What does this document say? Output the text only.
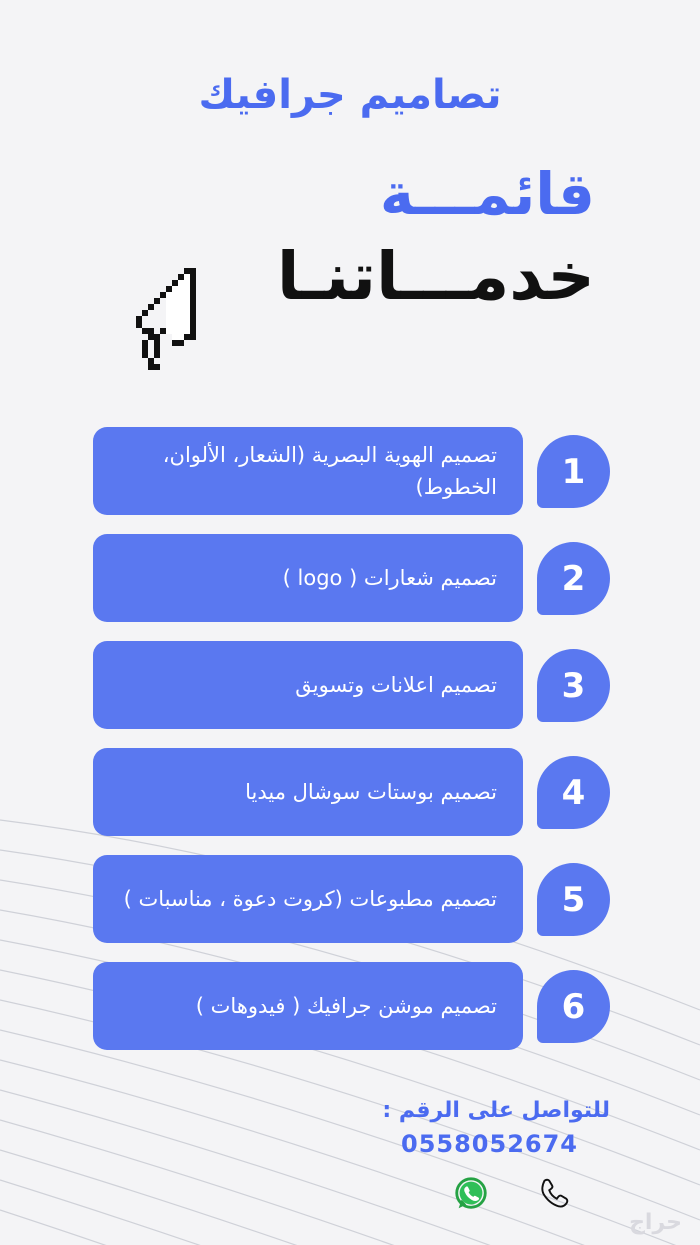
تصاميم جرافيك
قائمـــة
خدمـــاتنـا
تصميم الهوية البصرية (الشعار، الألوان، الخطوط)	1
تصميم شعارات ( logo )	2
تصميم اعلانات وتسويق	3
تصميم بوستات سوشال ميديا	4
تصميم مطبوعات (كروت دعوة ، مناسبات )	5
تصميم موشن جرافيك ( فيدوهات )	6
للتواصل على الرقم :
0558052674
حراج
